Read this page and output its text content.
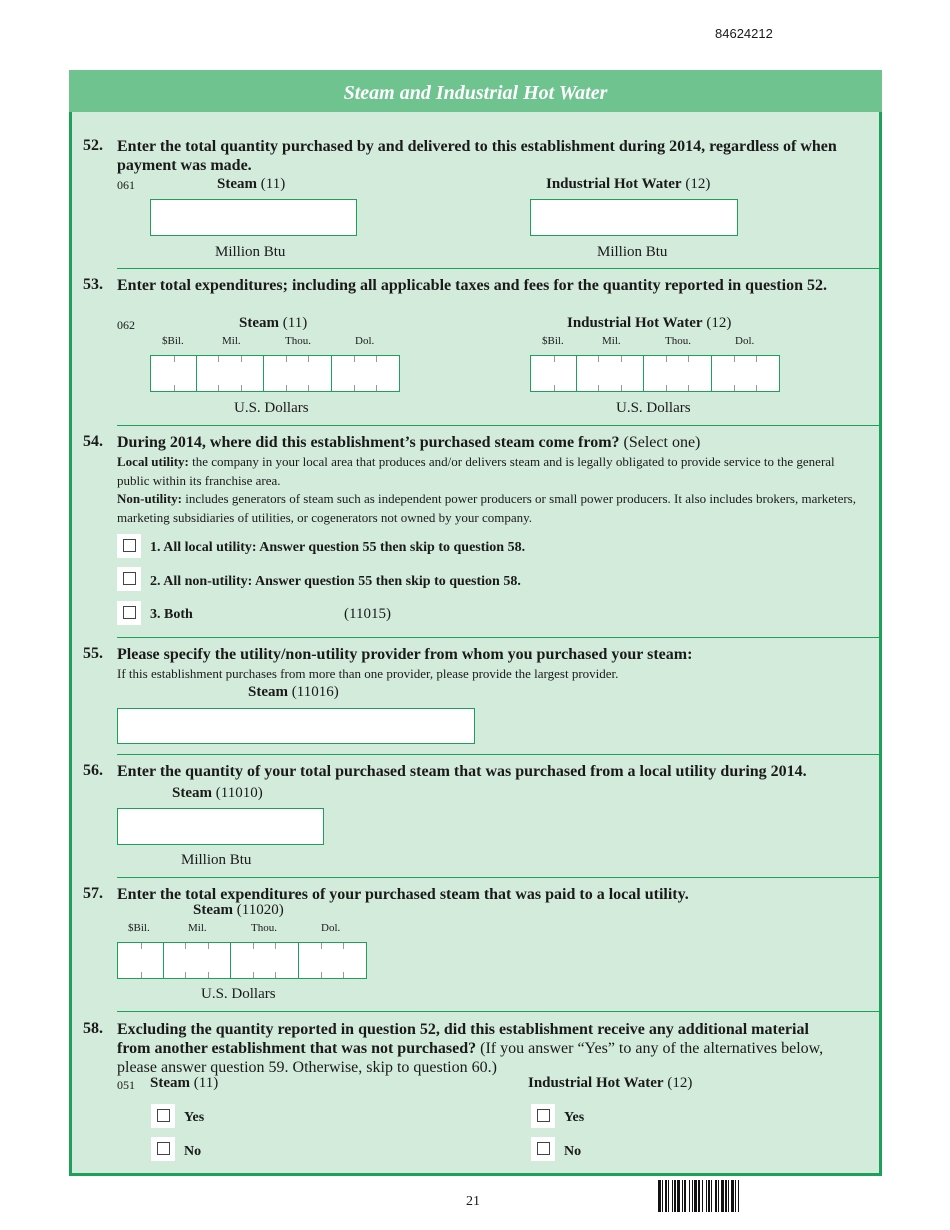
84624212
Steam and Industrial Hot Water
52. Enter the total quantity purchased by and delivered to this establishment during 2014, regardless of when payment was made.
061	Steam (11)	Industrial Hot Water (12)
Million Btu	Million Btu
53. Enter total expenditures; including all applicable taxes and fees for the quantity reported in question 52.
062	Steam (11)	Industrial Hot Water (12)
$Bil.	Mil.	Thou.	Dol.	$Bil.	Mil.	Thou.	Dol.
U.S. Dollars	U.S. Dollars
54. During 2014, where did this establishment’s purchased steam come from? (Select one)
Local utility: the company in your local area that produces and/or delivers steam and is legally obligated to provide service to the general public within its franchise area.
Non-utility: includes generators of steam such as independent power producers or small power producers. It also includes brokers, marketers, marketing subsidiaries of utilities, or cogenerators not owned by your company.
1. All local utility: Answer question 55 then skip to question 58.
2. All non-utility: Answer question 55 then skip to question 58.
3. Both	(11015)
55. Please specify the utility/non-utility provider from whom you purchased your steam:
If this establishment purchases from more than one provider, please provide the largest provider.
Steam (11016)
56. Enter the quantity of your total purchased steam that was purchased from a local utility during 2014.
Steam (11010)
Million Btu
57. Enter the total expenditures of your purchased steam that was paid to a local utility.
Steam (11020)
$Bil.	Mil.	Thou.	Dol.
U.S. Dollars
58. Excluding the quantity reported in question 52, did this establishment receive any additional material from another establishment that was not purchased? (If you answer “Yes” to any of the alternatives below, please answer question 59. Otherwise, skip to question 60.)
051 Steam (11)	Industrial Hot Water (12)
Yes
No
Yes
No
21
